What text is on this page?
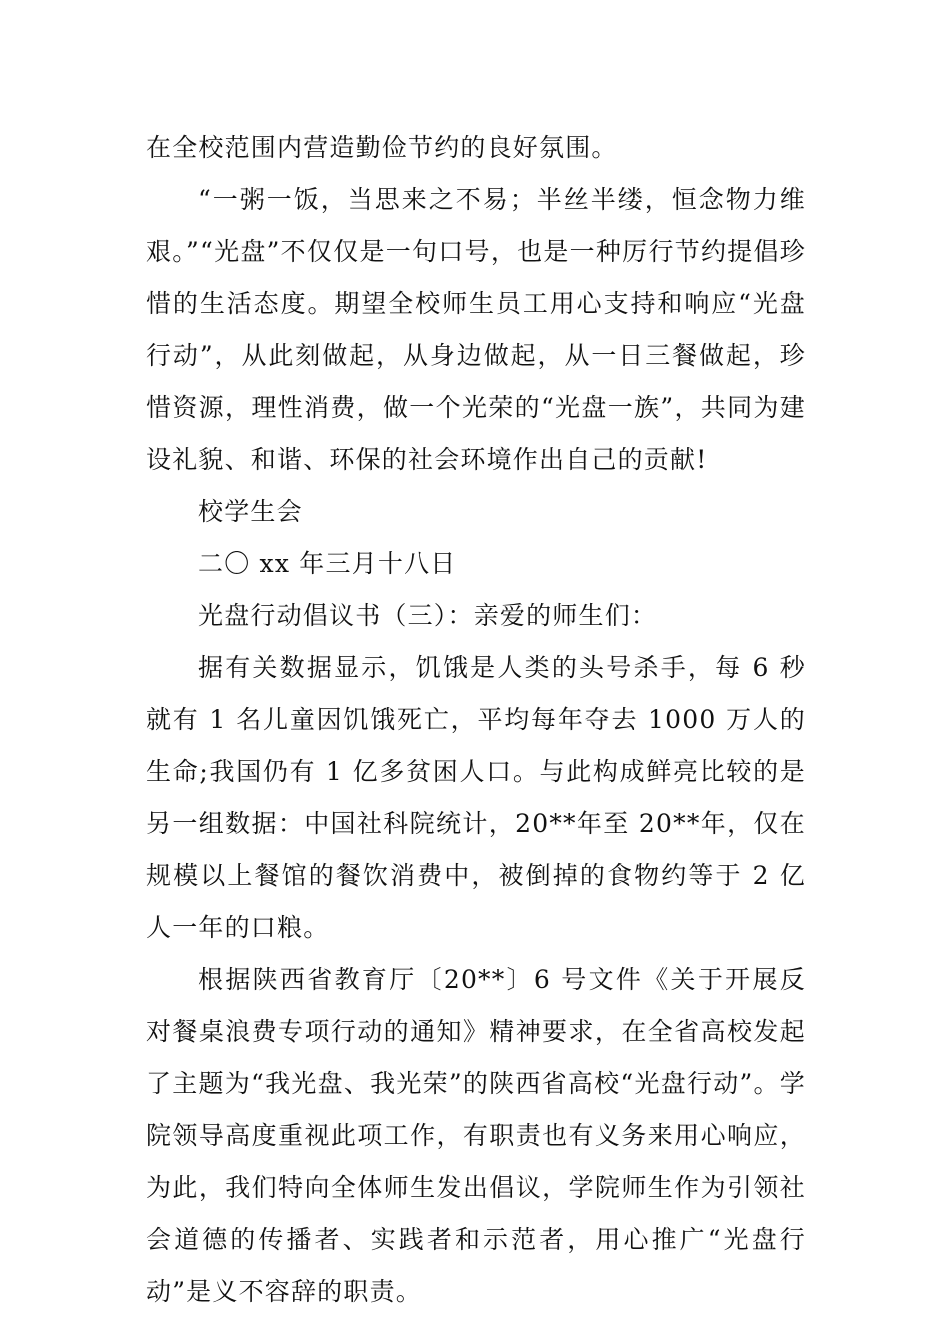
在全校范围内营造勤俭节约的良好氛围。

“一粥一饭，当思来之不易；半丝半缕，恒念物力维艰。”“光盘”不仅仅是一句口号，也是一种厉行节约提倡珍惜的生活态度。期望全校师生员工用心支持和响应“光盘行动”，从此刻做起，从身边做起，从一日三餐做起，珍惜资源，理性消费，做一个光荣的“光盘一族”，共同为建设礼貌、和谐、环保的社会环境作出自己的贡献!

校学生会

二〇 xx 年三月十八日

光盘行动倡议书（三）：亲爱的师生们：

据有关数据显示，饥饿是人类的头号杀手，每 6 秒就有 1 名儿童因饥饿死亡，平均每年夺去 1000 万人的生命;我国仍有 1 亿多贫困人口。与此构成鲜亮比较的是另一组数据：中国社科院统计，20**年至 20**年，仅在规模以上餐馆的餐饮消费中，被倒掉的食物约等于 2 亿人一年的口粮。

根据陕西省教育厅〔20**〕6 号文件《关于开展反对餐桌浪费专项行动的通知》精神要求，在全省高校发起了主题为“我光盘、我光荣”的陕西省高校“光盘行动”。学院领导高度重视此项工作，有职责也有义务来用心响应，为此，我们特向全体师生发出倡议，学院师生作为引领社会道德的传播者、实践者和示范者，用心推广“光盘行动”是义不容辞的职责。
